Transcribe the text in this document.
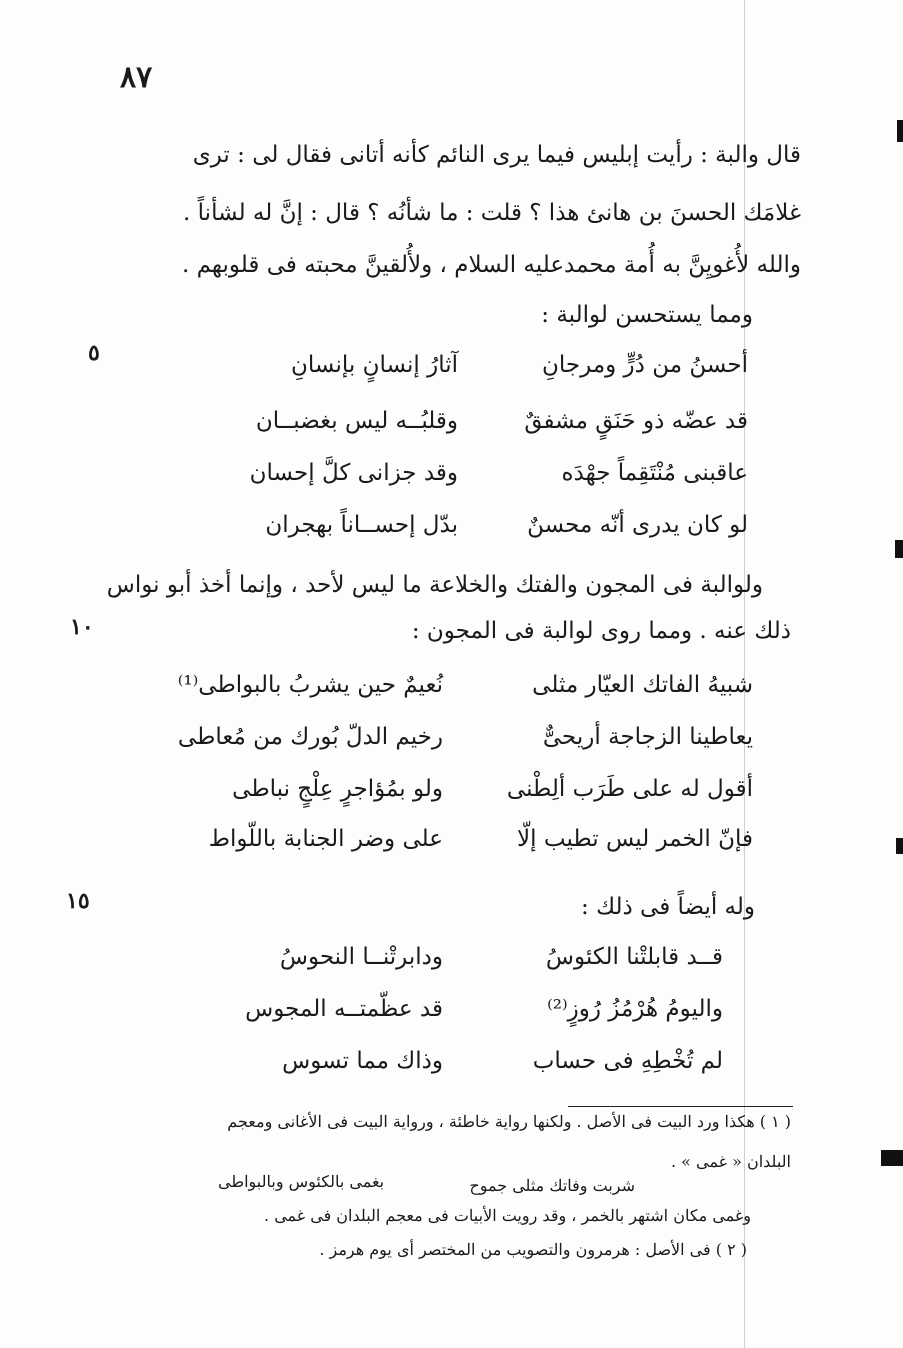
٨٧
٥
١٠
١٥
قال والبة : رأيت إبليس فيما يرى النائم كأنه أتانى فقال لى : ترى
غلامَك الحسنَ بن هانئ هذا ؟ قلت : ما شأنُه ؟ قال : إنَّ له لشأناً .
والله لأُغويِنَّ به أُمة محمدعليه السلام ، ولأُلقينَّ محبته فى قلوبهم .
ومما يستحسن لوالبة :
أحسنُ من دُرٍّ ومرجانِ
آثارُ إنسانٍ بإنسانِ
قد عضّه ذو حَنَقٍ مشفقٌ
وقلبُــه ليس بغضبــان
عاقبنى مُنْتَقِماً جهْدَه
وقد جزانى كلَّ إحسان
لو كان يدرى أنّه محسنٌ
بدّل إحســاناً بهجران
ولوالبة فى المجون والفتك والخلاعة ما ليس لأحد ، وإنما أخذ أبو نواس
ذلك عنه . ومما روى لوالبة فى المجون :
شبيهُ الفاتك العيّار مثلى
نُعيمٌ حين يشربُ بالبواطى⁽¹⁾
يعاطينا الزجاجة أريحىٌّ
رخيم الدلّ بُورك من مُعاطى
أقول له على طَرَب ألِطْنى
ولو بمُؤاجرٍ عِلْجٍ نباطى
فإنّ الخمر ليس تطيب إلّا
على وضر الجنابة باللّواط
وله أيضاً فى ذلك :
قــد قابلتْنا الكئوسُ
ودابرتْنــا النحوسُ
واليومُ هُرْمُزُ رُوزٍ⁽²⁾
قد عظّمتــه المجوس
لم تُخْطِهِ فى حساب
وذاك مما تسوس
( ١ ) هكذا ورد البيت فى الأصل . ولكنها رواية خاطئة ، ورواية البيت فى الأغانى ومعجم
البلدان « غمى » .
شربت وفاتك مثلى جموح
بغمى بالكئوس وبالبواطى
وغمى مكان اشتهر بالخمر ، وقد رويت الأبيات فى معجم البلدان فى غمى .
( ٢ ) فى الأصل : هرمرون والتصويب من المختصر أى يوم هرمز .
